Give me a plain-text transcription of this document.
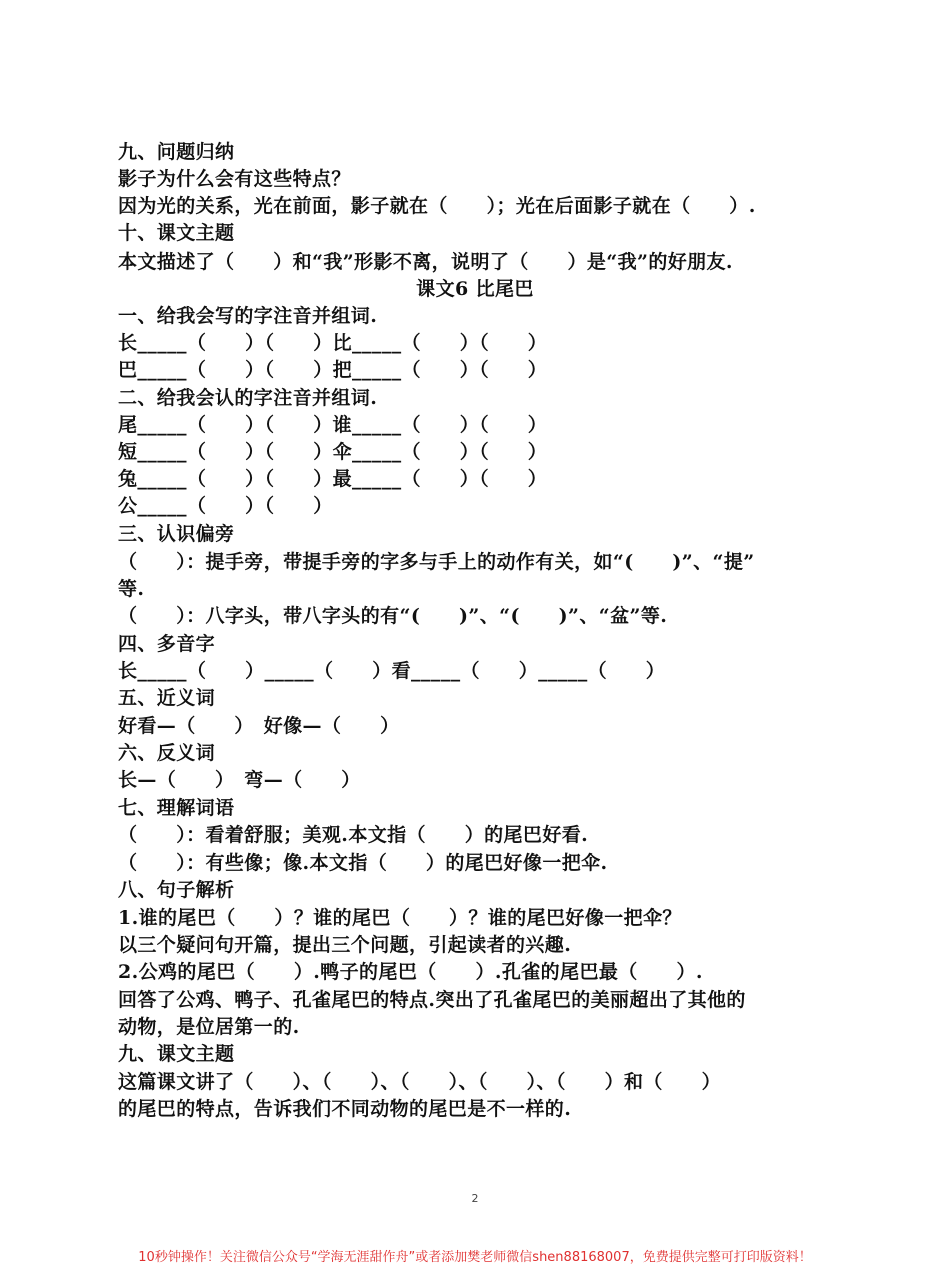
九、问题归纳
影子为什么会有这些特点？
因为光的关系，光在前面，影子就在（　　）；光在后面影子就在（　　）.
十、课文主题
本文描述了（　　）和“我”形影不离，说明了（　　）是“我”的好朋友.
课文6 比尾巴
一、给我会写的字注音并组词.
长_____（　　）（　　）比_____（　　）（　　）
巴_____（　　）（　　）把_____（　　）（　　）
二、给我会认的字注音并组词.
尾_____（　　）（　　）谁_____（　　）（　　）
短_____（　　）（　　）伞_____（　　）（　　）
兔_____（　　）（　　）最_____（　　）（　　）
公_____（　　）（　　）
三、认识偏旁
（　　）：提手旁，带提手旁的字多与手上的动作有关，如“(　　)”、“提”
等.
（　　）：八字头，带八字头的有“(　　)”、“(　　)”、“盆”等.
四、多音字
长_____（　　）_____（　　）看_____（　　）_____（　　）
五、近义词
好看—（　　）　好像—（　　）
六、反义词
长—（　　）　弯—（　　）
七、理解词语
（　　）：看着舒服；美观.本文指（　　）的尾巴好看.
（　　）：有些像；像.本文指（　　）的尾巴好像一把伞.
八、句子解析
1.谁的尾巴（　　）？谁的尾巴（　　）？谁的尾巴好像一把伞？
以三个疑问句开篇，提出三个问题，引起读者的兴趣.
2.公鸡的尾巴（　　）.鸭子的尾巴（　　）.孔雀的尾巴最（　　）.
回答了公鸡、鸭子、孔雀尾巴的特点.突出了孔雀尾巴的美丽超出了其他的
动物，是位居第一的.
九、课文主题
这篇课文讲了（　　）、（　　）、（　　）、（　　）、（　　）和（　　）
的尾巴的特点，告诉我们不同动物的尾巴是不一样的.
2
10秒钟操作！关注微信公众号“学海无涯甜作舟”或者添加樊老师微信shen88168007，免费提供完整可打印版资料！
